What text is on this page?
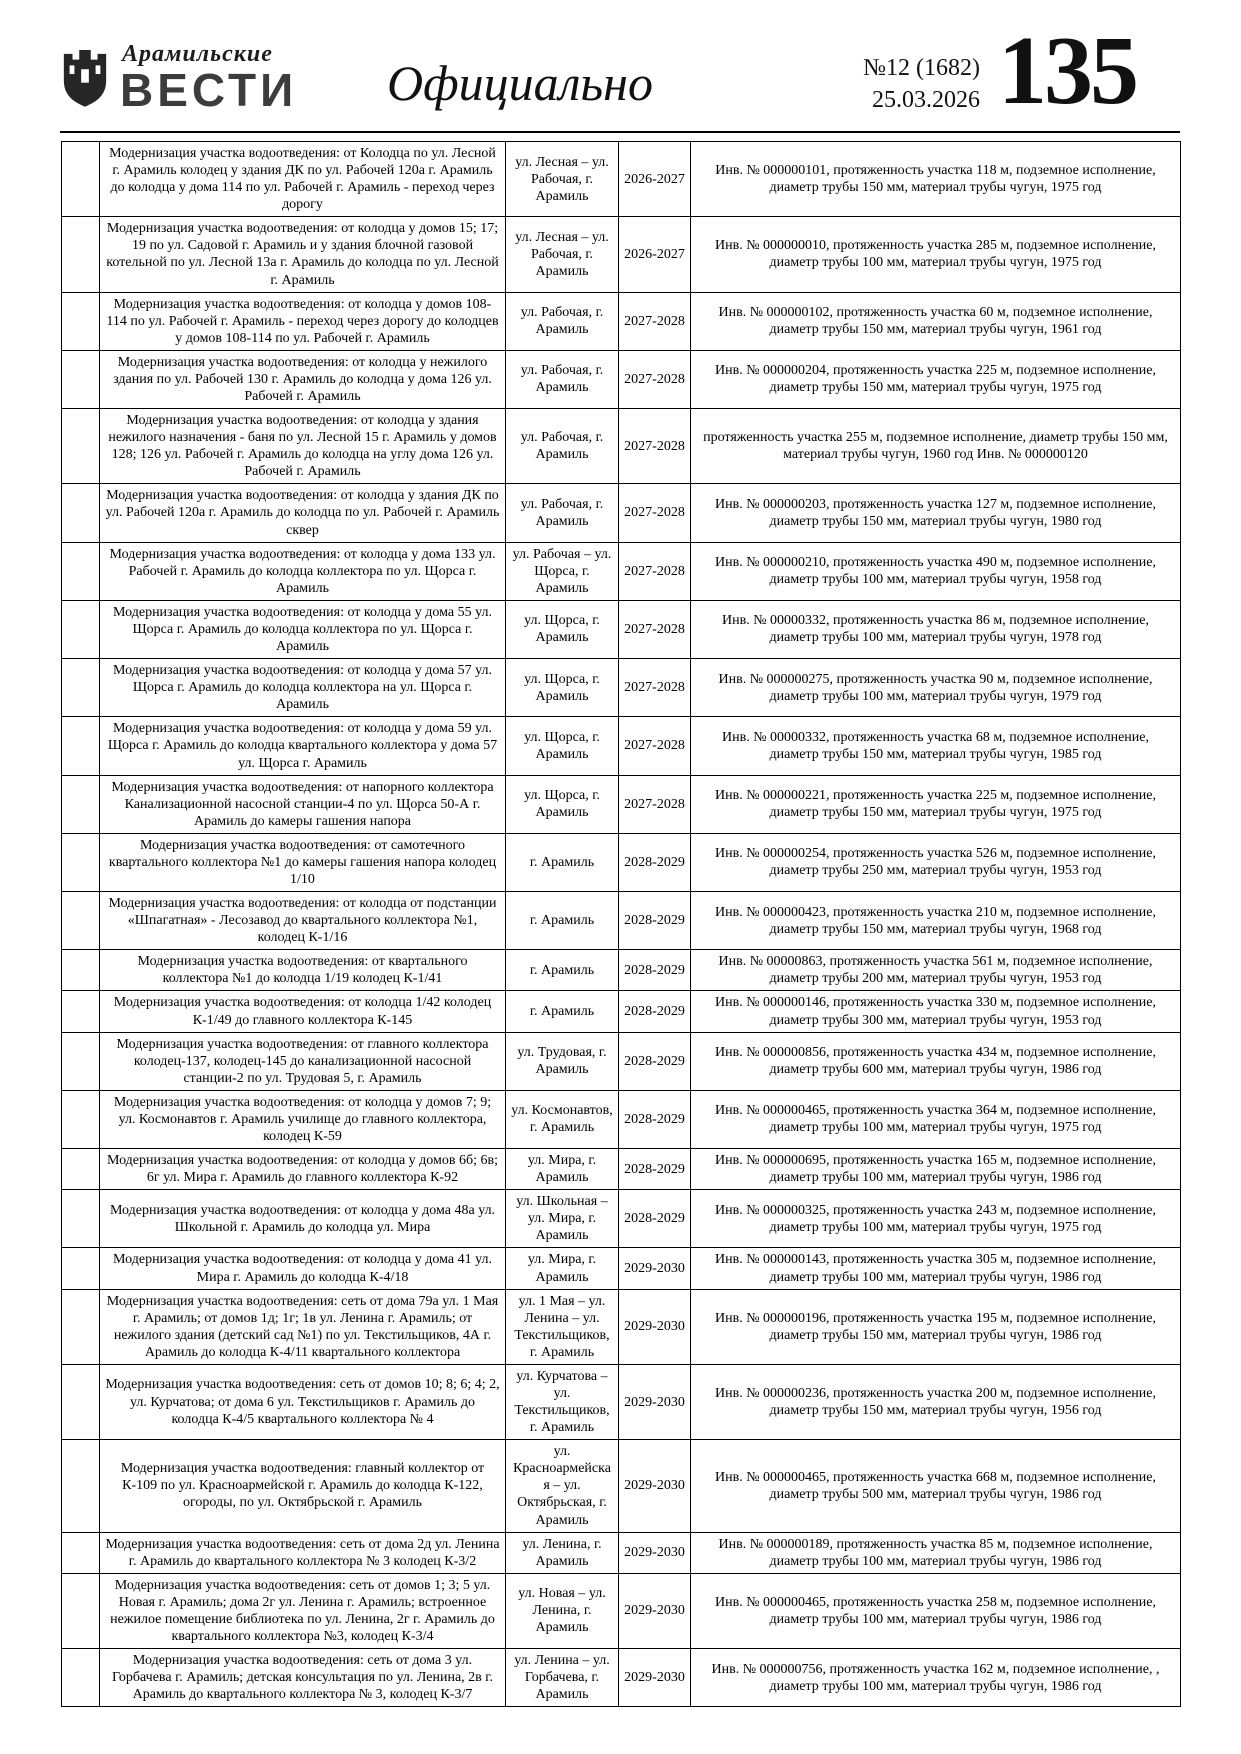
Арамильские
ВЕСТИ	Официально	№12 (1682)
25.03.2026 135
	Модернизация участка водоотведения: от Колодца по ул. Лесной г. Арамиль колодец у здания ДК по ул. Рабочей 120а г. Арамиль до колодца у дома 114 по ул. Рабочей г. Арамиль - переход через дорогу	ул. Лесная – ул. Рабочая, г. Арамиль	2026-2027	Инв. № 000000101, протяженность участка 118 м, подземное исполнение, диаметр трубы 150 мм, материал трубы чугун, 1975 год
	Модернизация участка водоотведения: от колодца у домов 15; 17; 19 по ул. Садовой г. Арамиль и у здания блочной газовой котельной по ул. Лесной 13а г. Арамиль до колодца по ул. Лесной г. Арамиль	ул. Лесная – ул. Рабочая, г. Арамиль	2026-2027	Инв. № 000000010, протяженность участка 285 м, подземное исполнение, диаметр трубы 100 мм, материал трубы чугун, 1975 год
	Модернизация участка водоотведения: от колодца у домов 108-114 по ул. Рабочей г. Арамиль - переход через дорогу до колодцев у домов 108-114 по ул. Рабочей г. Арамиль	ул. Рабочая, г. Арамиль	2027-2028	Инв. № 000000102, протяженность участка 60 м, подземное исполнение, диаметр трубы 150 мм, материал трубы чугун, 1961 год
	Модернизация участка водоотведения: от колодца у нежилого здания по ул. Рабочей 130 г. Арамиль до колодца у дома 126 ул. Рабочей г. Арамиль	ул. Рабочая, г. Арамиль	2027-2028	Инв. № 000000204, протяженность участка 225 м, подземное исполнение, диаметр трубы 150 мм, материал трубы чугун, 1975 год
	Модернизация участка водоотведения: от колодца у здания нежилого назначения - баня по ул. Лесной 15 г. Арамиль у домов 128; 126 ул. Рабочей г. Арамиль до колодца на углу дома 126 ул. Рабочей г. Арамиль	ул. Рабочая, г. Арамиль	2027-2028	протяженность участка 255 м, подземное исполнение, диаметр трубы 150 мм, материал трубы чугун, 1960 год Инв. № 000000120
	Модернизация участка водоотведения: от колодца у здания ДК по ул. Рабочей 120а г. Арамиль до колодца по ул. Рабочей г. Арамиль сквер	ул. Рабочая, г. Арамиль	2027-2028	Инв. № 000000203, протяженность участка 127 м, подземное исполнение, диаметр трубы 150 мм, материал трубы чугун, 1980 год
	Модернизация участка водоотведения: от колодца у дома 133 ул. Рабочей г. Арамиль до колодца коллектора по ул. Щорса г. Арамиль	ул. Рабочая – ул. Щорса, г. Арамиль	2027-2028	Инв. № 000000210, протяженность участка 490 м, подземное исполнение, диаметр трубы 100 мм, материал трубы чугун, 1958 год
	Модернизация участка водоотведения: от колодца у дома 55 ул. Щорса г. Арамиль до колодца коллектора по ул. Щорса г. Арамиль	ул. Щорса, г. Арамиль	2027-2028	Инв. № 00000332, протяженность участка 86 м, подземное исполнение, диаметр трубы 100 мм, материал трубы чугун, 1978 год
	Модернизация участка водоотведения: от колодца у дома 57 ул. Щорса г. Арамиль до колодца коллектора на ул. Щорса г. Арамиль	ул. Щорса, г. Арамиль	2027-2028	Инв. № 000000275, протяженность участка 90 м, подземное исполнение, диаметр трубы 100 мм, материал трубы чугун, 1979 год
	Модернизация участка водоотведения: от колодца у дома 59 ул. Щорса г. Арамиль до колодца квартального коллектора у дома 57 ул. Щорса г. Арамиль	ул. Щорса, г. Арамиль	2027-2028	Инв. № 00000332, протяженность участка 68 м, подземное исполнение, диаметр трубы 150 мм, материал трубы чугун, 1985 год
	Модернизация участка водоотведения: от напорного коллектора Канализационной насосной станции-4 по ул. Щорса 50-А г. Арамиль до камеры гашения напора	ул. Щорса, г. Арамиль	2027-2028	Инв. № 000000221, протяженность участка 225 м, подземное исполнение, диаметр трубы 150 мм, материал трубы чугун, 1975 год
	Модернизация участка водоотведения: от самотечного квартального коллектора №1 до камеры гашения напора колодец 1/10	г. Арамиль	2028-2029	Инв. № 000000254, протяженность участка 526 м, подземное исполнение, диаметр трубы 250 мм, материал трубы чугун, 1953 год
	Модернизация участка водоотведения: от колодца от подстанции «Шпагатная» - Лесозавод до квартального коллектора №1, колодец К-1/16	г. Арамиль	2028-2029	Инв. № 000000423, протяженность участка 210 м, подземное исполнение, диаметр трубы 150 мм, материал трубы чугун, 1968 год
	Модернизация участка водоотведения: от квартального коллектора №1 до колодца 1/19 колодец К-1/41	г. Арамиль	2028-2029	Инв. № 00000863, протяженность участка 561 м, подземное исполнение, диаметр трубы 200 мм, материал трубы чугун, 1953 год
	Модернизация участка водоотведения: от колодца 1/42 колодец К-1/49 до главного коллектора К-145	г. Арамиль	2028-2029	Инв. № 000000146, протяженность участка 330 м, подземное исполнение, диаметр трубы 300 мм, материал трубы чугун, 1953 год
	Модернизация участка водоотведения: от главного коллектора колодец-137, колодец-145 до канализационной насосной станции-2 по ул. Трудовая 5, г. Арамиль	ул. Трудовая, г. Арамиль	2028-2029	Инв. № 000000856, протяженность участка 434 м, подземное исполнение, диаметр трубы 600 мм, материал трубы чугун, 1986 год
	Модернизация участка водоотведения: от колодца у домов 7; 9; ул. Космонавтов г. Арамиль училище до главного коллектора, колодец К-59	ул. Космонавтов, г. Арамиль	2028-2029	Инв. № 000000465, протяженность участка 364 м, подземное исполнение, диаметр трубы 100 мм, материал трубы чугун, 1975 год
	Модернизация участка водоотведения: от колодца у домов 6б; 6в; 6г ул. Мира г. Арамиль до главного коллектора К-92	ул. Мира, г. Арамиль	2028-2029	Инв. № 000000695, протяженность участка 165 м, подземное исполнение, диаметр трубы 100 мм, материал трубы чугун, 1986 год
	Модернизация участка водоотведения: от колодца у дома 48а ул. Школьной г. Арамиль до колодца ул. Мира	ул. Школьная – ул. Мира, г. Арамиль	2028-2029	Инв. № 000000325, протяженность участка 243 м, подземное исполнение, диаметр трубы 100 мм, материал трубы чугун, 1975 год
	Модернизация участка водоотведения: от колодца у дома 41 ул. Мира г. Арамиль до колодца К-4/18	ул. Мира, г. Арамиль	2029-2030	Инв. № 000000143, протяженность участка 305 м, подземное исполнение, диаметр трубы 100 мм, материал трубы чугун, 1986 год
	Модернизация участка водоотведения: сеть от дома 79а ул. 1 Мая г. Арамиль; от домов 1д; 1г; 1в ул. Ленина г. Арамиль; от нежилого здания (детский сад №1) по ул. Текстильщиков, 4А г. Арамиль до колодца К-4/11 квартального коллектора	ул. 1 Мая – ул. Ленина – ул. Текстильщиков, г. Арамиль	2029-2030	Инв. № 000000196, протяженность участка 195 м, подземное исполнение, диаметр трубы 150 мм, материал трубы чугун, 1986 год
	Модернизация участка водоотведения: сеть от домов 10; 8; 6; 4; 2, ул. Курчатова; от дома 6 ул. Текстильщиков г. Арамиль до колодца К-4/5 квартального коллектора № 4	ул. Курчатова – ул. Текстильщиков, г. Арамиль	2029-2030	Инв. № 000000236, протяженность участка 200 м, подземное исполнение, диаметр трубы 150 мм, материал трубы чугун, 1956 год
	Модернизация участка водоотведения: главный коллектор от К-109 по ул. Красноармейской г. Арамиль до колодца К-122, огороды, по ул. Октябрьской г. Арамиль	ул. Красноармейская – ул. Октябрьская, г. Арамиль	2029-2030	Инв. № 000000465, протяженность участка 668 м, подземное исполнение, диаметр трубы 500 мм, материал трубы чугун, 1986 год
	Модернизация участка водоотведения: сеть от дома 2д ул. Ленина г. Арамиль до квартального коллектора № 3 колодец К-3/2	ул. Ленина, г. Арамиль	2029-2030	Инв. № 000000189, протяженность участка 85 м, подземное исполнение, диаметр трубы 100 мм, материал трубы чугун, 1986 год
	Модернизация участка водоотведения: сеть от домов 1; 3; 5 ул. Новая г. Арамиль; дома 2г ул. Ленина г. Арамиль; встроенное нежилое помещение библиотека по ул. Ленина, 2г г. Арамиль до квартального коллектора №3, колодец К-3/4	ул. Новая – ул. Ленина, г. Арамиль	2029-2030	Инв. № 000000465, протяженность участка 258 м, подземное исполнение, диаметр трубы 100 мм, материал трубы чугун, 1986 год
	Модернизация участка водоотведения: сеть от дома 3 ул. Горбачева г. Арамиль; детская консультация по ул. Ленина, 2в г. Арамиль до квартального коллектора № 3, колодец К-3/7	ул. Ленина – ул. Горбачева, г. Арамиль	2029-2030	Инв. № 000000756, протяженность участка 162 м, подземное исполнение, , диаметр трубы 100 мм, материал трубы чугун, 1986 год
